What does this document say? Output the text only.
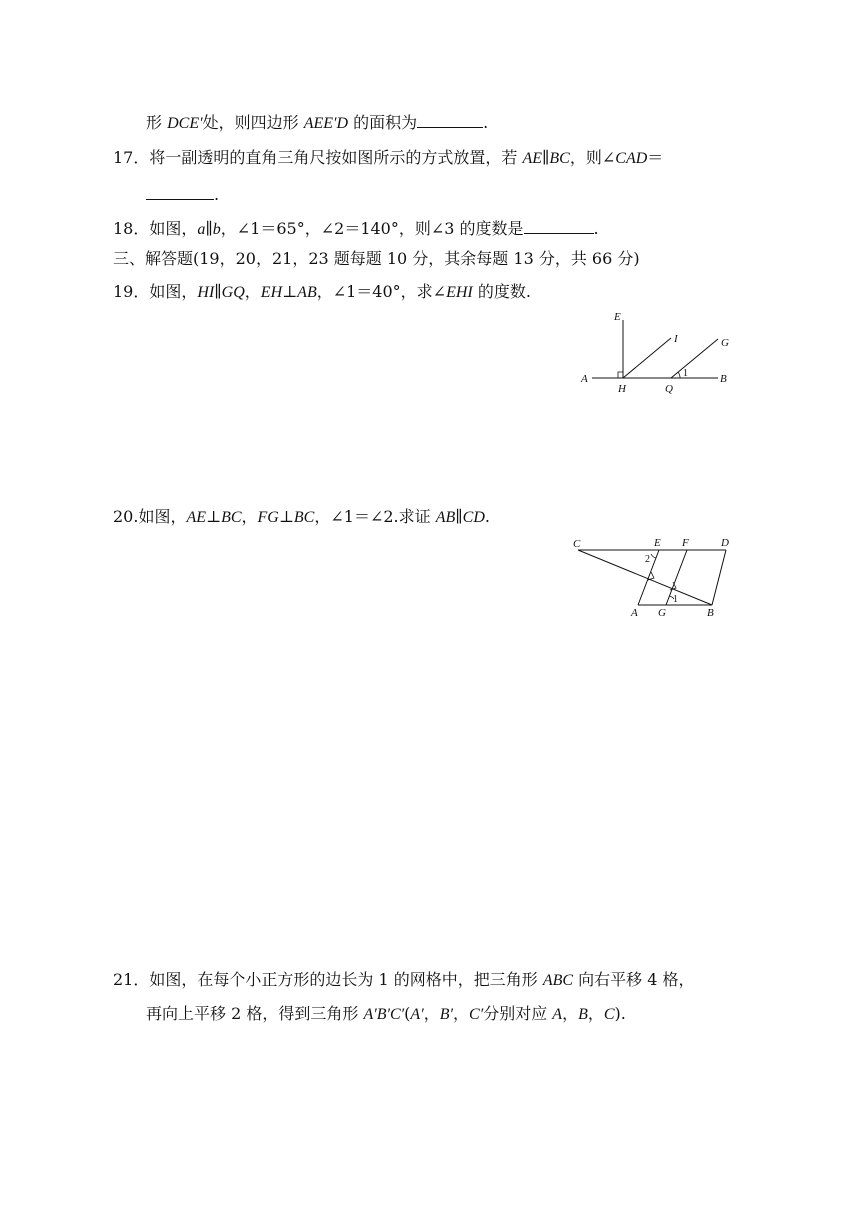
形 DCE′处，则四边形 AEE′D 的面积为	.
17．将一副透明的直角三角尺按如图所示的方式放置，若 AE∥BC，则∠CAD＝
.
18．如图，a∥b，∠1＝65°，∠2＝140°，则∠3 的度数是	.
三、解答题(19，20，21，23 题每题 10 分，其余每题 13 分，共 66 分)
19．如图，HI∥GQ，EH⊥AB，∠1＝40°，求∠EHI 的度数.
E
I	G
A
H	Q
B
1
20.如图，AE⊥BC，FG⊥BC，∠1＝∠2.求证 AB∥CD.
C	E F	D
A G	B
1
2
21．如图，在每个小正方形的边长为 1 的网格中，把三角形 ABC 向右平移 4 格，
再向上平移 2 格，得到三角形 A′B′C′(A′，B′，C′分别对应 A，B，C).
